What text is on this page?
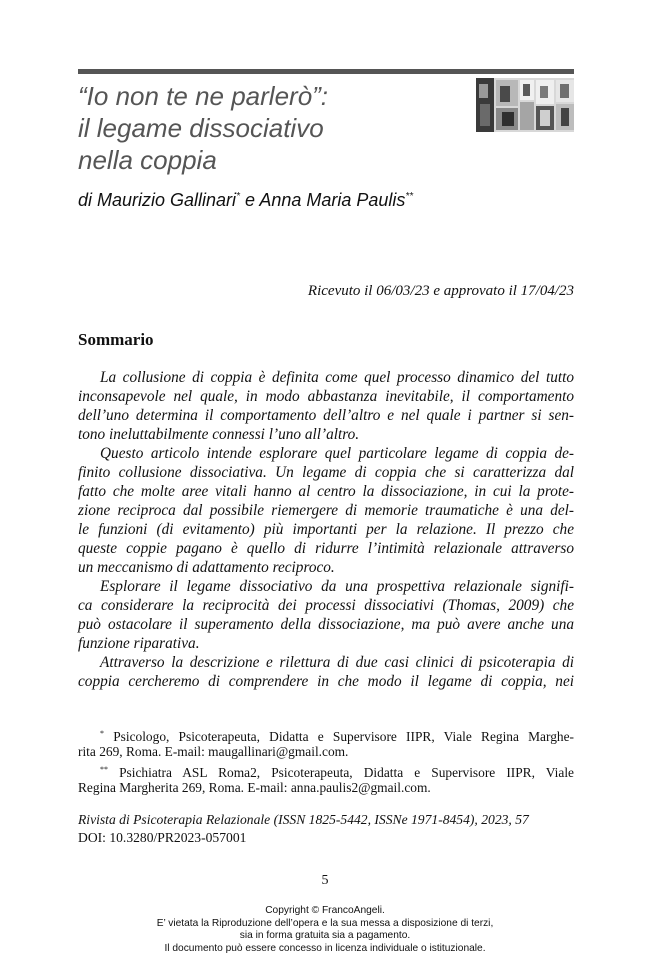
“Io non te ne parlerò”:
il legame dissociativo
nella coppia
di Maurizio Gallinari* e Anna Maria Paulis**
Ricevuto il 06/03/23 e approvato il 17/04/23
Sommario
La collusione di coppia è definita come quel processo dinamico del tutto
inconsapevole nel quale, in modo abbastanza inevitabile, il comportamento
dell’uno determina il comportamento dell’altro e nel quale i partner si sen-
tono ineluttabilmente connessi l’uno all’altro.
Questo articolo intende esplorare quel particolare legame di coppia de-
finito collusione dissociativa. Un legame di coppia che si caratterizza dal
fatto che molte aree vitali hanno al centro la dissociazione, in cui la prote-
zione reciproca dal possibile riemergere di memorie traumatiche è una del-
le funzioni (di evitamento) più importanti per la relazione. Il prezzo che
queste coppie pagano è quello di ridurre l’intimità relazionale attraverso
un meccanismo di adattamento reciproco.
Esplorare il legame dissociativo da una prospettiva relazionale signifi-
ca considerare la reciprocità dei processi dissociativi (Thomas, 2009) che
può ostacolare il superamento della dissociazione, ma può avere anche una
funzione riparativa.
Attraverso la descrizione e rilettura di due casi clinici di psicoterapia di
coppia cercheremo di comprendere in che modo il legame di coppia, nei
* Psicologo, Psicoterapeuta, Didatta e Supervisore IIPR, Viale Regina Marghe-
rita 269, Roma. E-mail: maugallinari@gmail.com.
** Psichiatra ASL Roma2, Psicoterapeuta, Didatta e Supervisore IIPR, Viale
Regina Margherita 269, Roma. E-mail: anna.paulis2@gmail.com.
Rivista di Psicoterapia Relazionale (ISSN 1825-5442, ISSNe 1971-8454), 2023, 57
DOI: 10.3280/PR2023-057001
5
Copyright © FrancoAngeli.
E’ vietata la Riproduzione dell’opera e la sua messa a disposizione di terzi,
sia in forma gratuita sia a pagamento.
Il documento può essere concesso in licenza individuale o istituzionale.
